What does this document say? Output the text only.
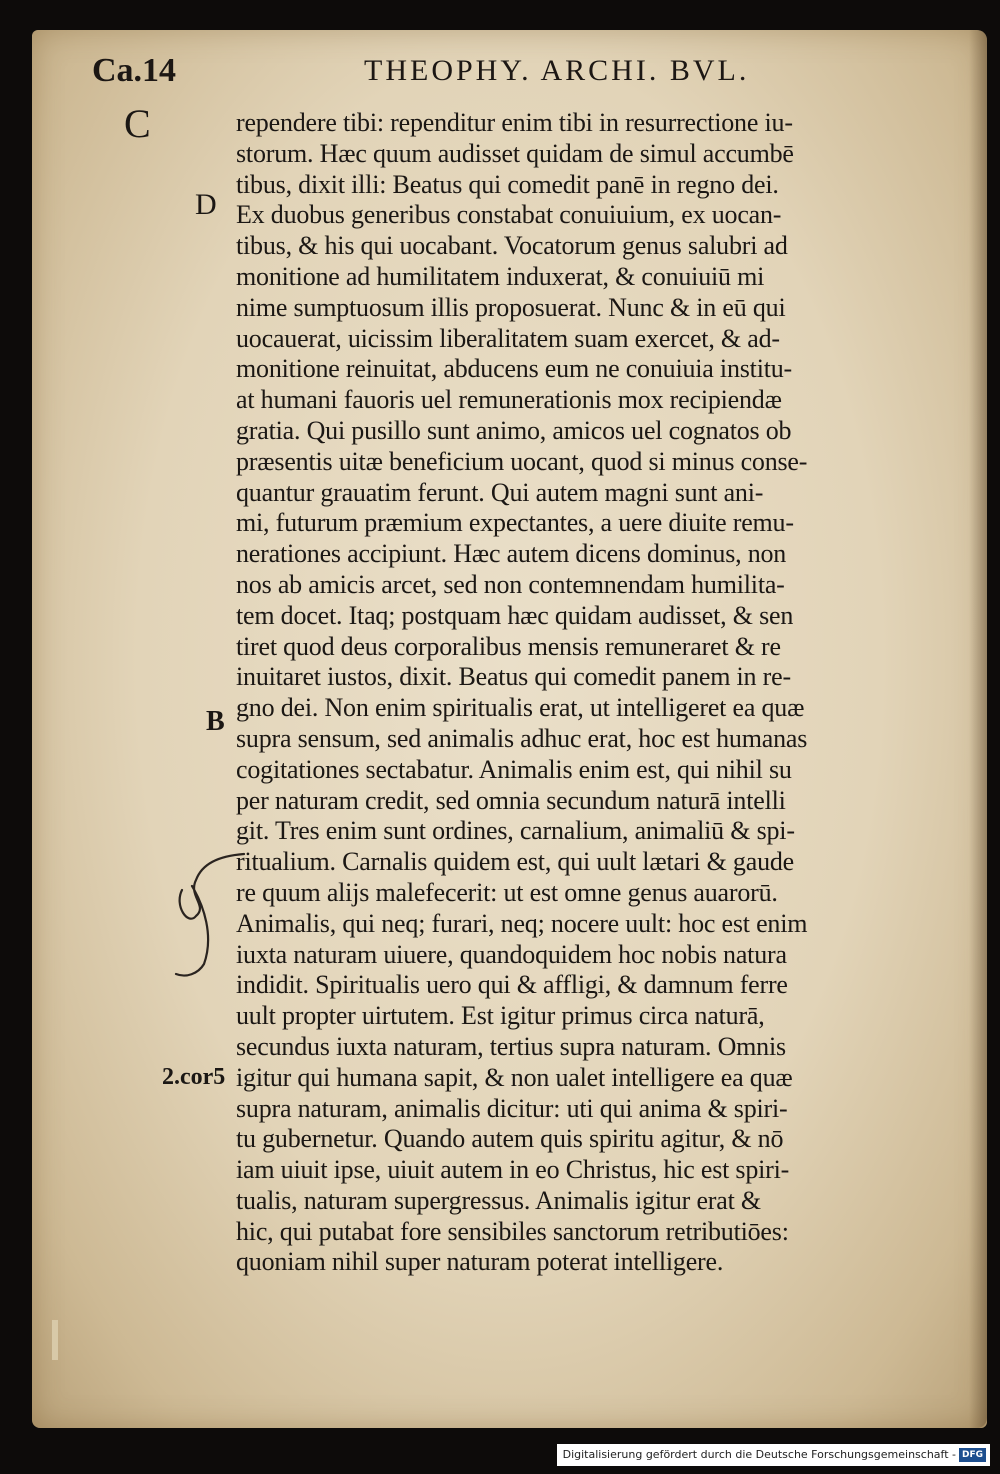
Ca.14	THEOPHY. ARCHI. BVL.
C
D
B
2.cor5
rependere tibi: rependitur enim tibi in resurrectione iu-
storum. Hæc quum audisset quidam de simul accumbē
tibus, dixit illi: Beatus qui comedit panē in regno dei.
Ex duobus generibus constabat conuiuium, ex uocan-
tibus, & his qui uocabant. Vocatorum genus salubri ad
monitione ad humilitatem induxerat, & conuiuiū mi
nime sumptuosum illis proposuerat. Nunc & in eū qui
uocauerat, uicissim liberalitatem suam exercet, & ad-
monitione reinuitat, abducens eum ne conuiuia institu-
at humani fauoris uel remunerationis mox recipiendæ
gratia. Qui pusillo sunt animo, amicos uel cognatos ob
præsentis uitæ beneficium uocant, quod si minus conse-
quantur grauatim ferunt. Qui autem magni sunt ani-
mi, futurum præmium expectantes, a uere diuite remu-
nerationes accipiunt. Hæc autem dicens dominus, non
nos ab amicis arcet, sed non contemnendam humilita-
tem docet. Itaq; postquam hæc quidam audisset, & sen
tiret quod deus corporalibus mensis remuneraret & re
inuitaret iustos, dixit. Beatus qui comedit panem in re-
gno dei. Non enim spiritualis erat, ut intelligeret ea quæ
supra sensum, sed animalis adhuc erat, hoc est humanas
cogitationes sectabatur. Animalis enim est, qui nihil su
per naturam credit, sed omnia secundum naturā intelli
git. Tres enim sunt ordines, carnalium, animaliū & spi-
ritualium. Carnalis quidem est, qui uult lætari & gaude
re quum alijs malefecerit: ut est omne genus auarorū.
Animalis, qui neq; furari, neq; nocere uult: hoc est enim
iuxta naturam uiuere, quandoquidem hoc nobis natura
indidit. Spiritualis uero qui & affligi, & damnum ferre
uult propter uirtutem. Est igitur primus circa naturā,
secundus iuxta naturam, tertius supra naturam. Omnis
igitur qui humana sapit, & non ualet intelligere ea quæ
supra naturam, animalis dicitur: uti qui anima & spiri-
tu gubernetur. Quando autem quis spiritu agitur, & nō
iam uiuit ipse, uiuit autem in eo Christus, hic est spiri-
tualis, naturam supergressus. Animalis igitur erat &
hic, qui putabat fore sensibiles sanctorum retributiōes:
quoniam nihil super naturam poterat intelligere.
Digitalisierung gefördert durch die Deutsche Forschungsgemeinschaft - DFG
